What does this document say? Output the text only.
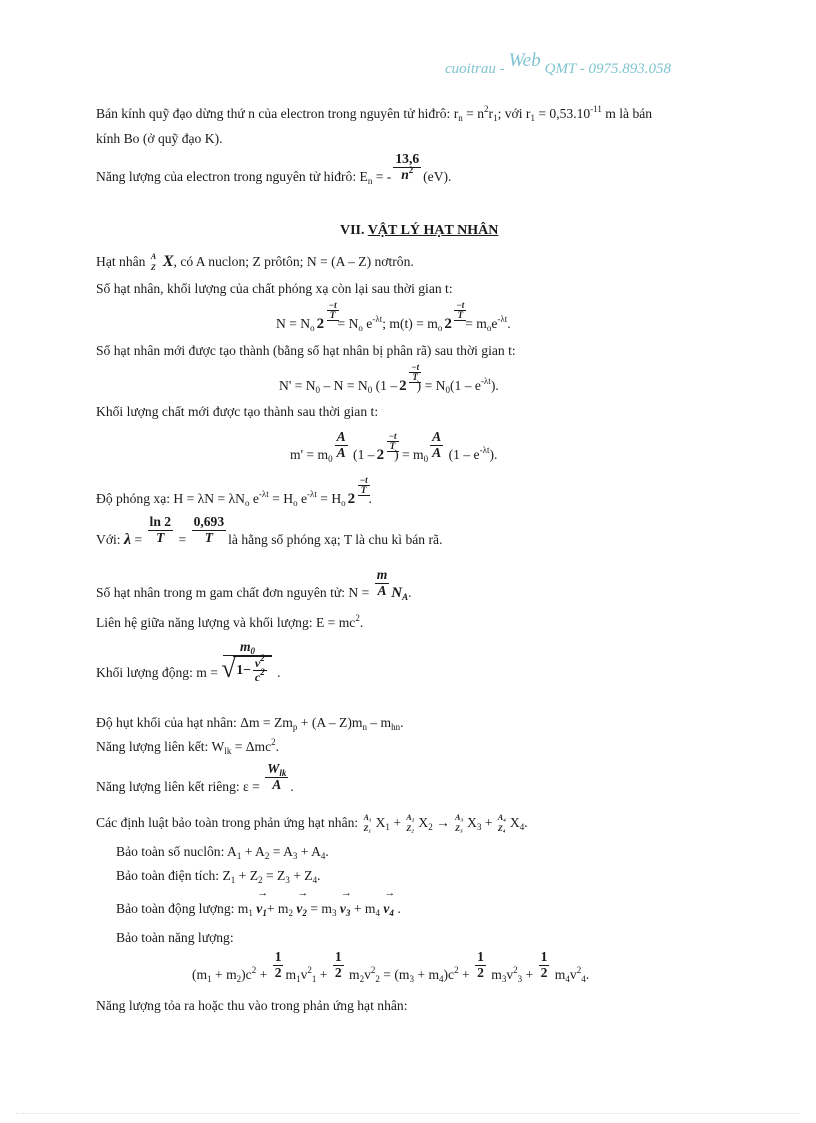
cuoitrau - Web QMT - 0975.893.058
Bán kính quỹ đạo dừng thứ n của electron trong nguyên tử hiđrô: $r_n = n^2r_1$; với $r_1 = 0,53.10^{-11}$ m là bán
kính Bo (ở quỹ đạo K).
Năng lượng của electron trong nguyên tử hiđrô: $E_n$ = - $\frac{13,6}{n^2} (eV)$.
VII. VẬT LÝ HẠT NHÂN
Hạt nhân A
Z X, có A nuclon; Z prôtôn; N = (A – Z) nơtrôn.
Số hạt nhân, khối lượng của chất phóng xạ còn lại sau thời gian t:
$N = N_o$ 2
−t
T
= $N_o$ $e^{-\lambda t}$; $m(t) = m_o$ 2
−t
T
= $m_oe^{-\lambda t}$.
Số hạt nhân mới được tạo thành (bằng số hạt nhân bị phân rã) sau thời gian t:
$N' = N_0 - N = N_0$ (1 – 2
−t
T
) = $N_0(1 - e^{-\lambda t})$.
Khối lượng chất mới được tạo thành sau thời gian t:
$m' = m_0 \frac{A}{A} (1 - 2$
−t
T
) = $m_0 \frac{A}{A} (1 - e_{-\lambda t})$.
Độ phóng xạ: $H = \lambda N = \lambda N_o$ $e^{-\lambda t} = H_o$ $e^{-\lambda t} = H_o$ 2
−t
T
.
Với: $\lambda = \frac{\ln 2}{T} = \frac{0,693}{T}$ là hằng số phóng xạ; T là chu kì bán rã.
Số hạt nhân trong m gam chất đơn nguyên tử: $N = \frac{m}{A} N_A$.
Liên hệ giữa năng lượng và khối lượng: $E = mc^2$.
Khối lượng động: $m = m_0$
√ $1- \frac{v^2}{c^2}$ .
Độ hụt khối của hạt nhân: $\Delta m = Zm_p + (A - Z)m_n - m_{hn}$.
Năng lượng liên kết: $W_{lk} = \Delta mc^2$.
Năng lượng liên kết riêng: $\varepsilon = \frac{W_{lk}}{A}$ .
Các định luật bảo toàn trong phản ứng hạt nhân: A₁
Z₁ $X_1 + A_2$
Z₂ $X_2 \to A_3$
Z₃ $X_3 + A_4$
Z₄ $X_4$.
Bảo toàn số nuclôn: $A_1 + A_2 = A_3 + A_4$.
Bảo toàn điện tích: $Z_1 + Z_2 = Z_3 + Z_4$.
Bảo toàn động lượng: $m_1 \to v_1+ m_2 \to v_2 = m_3 \to v_3 + m_4 \to v_4$ .
Bảo toàn năng lượng:
$(m_1 + m_2)c^2 + \frac{1}{2} m_1v^2_1 + \frac{1}{2} m_2v^2_2 = (m_3 + m_4)c^2 + \frac{1}{2} m_3v^2_3 + \frac{1}{2} m_4v^2_4$.
Năng lượng tỏa ra hoặc thu vào trong phản ứng hạt nhân:
